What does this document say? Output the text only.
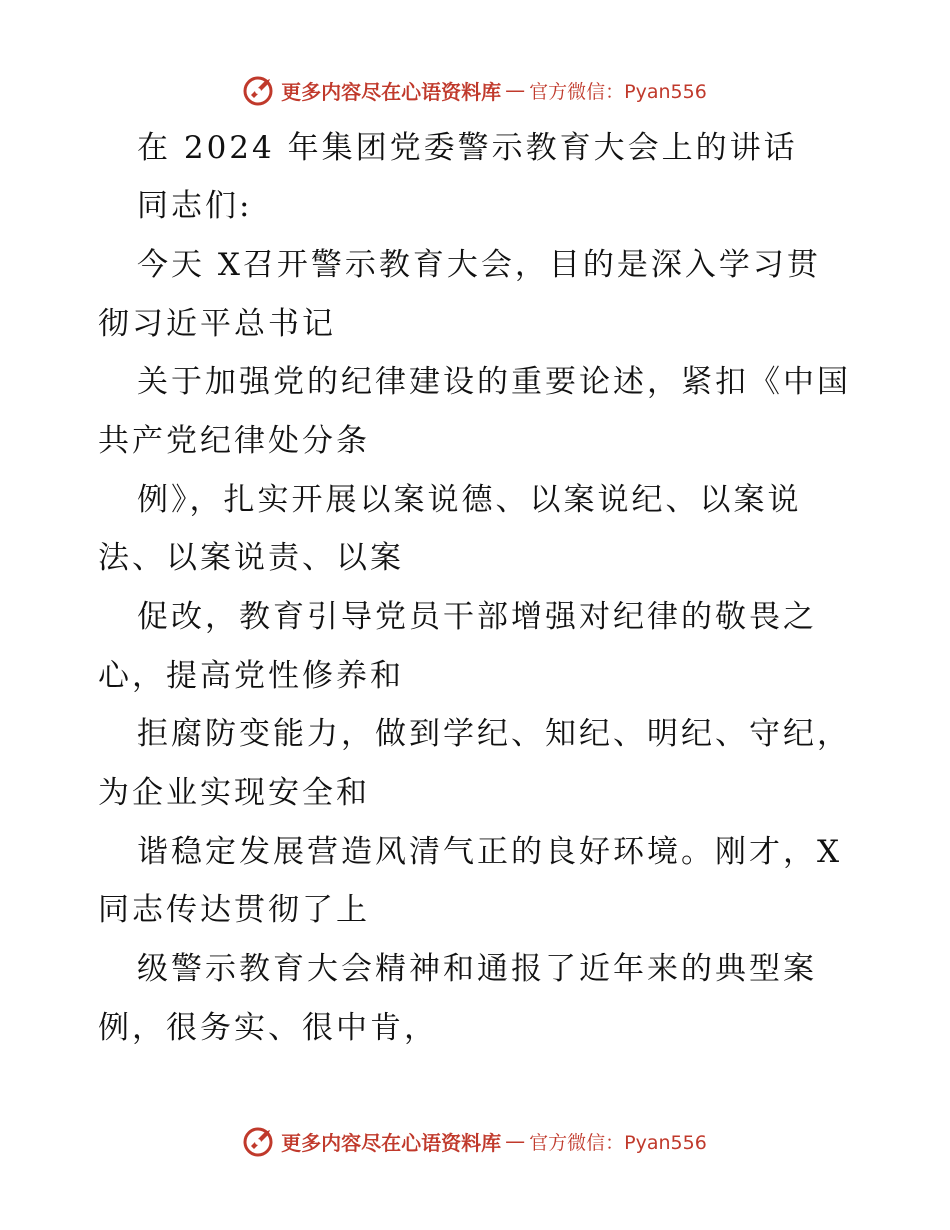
更多内容尽在心语资料库 — 官方微信：Pyan556
在 2024 年集团党委警示教育大会上的讲话
同志们:
今天 X召开警示教育大会，目的是深入学习贯
彻习近平总书记
关于加强党的纪律建设的重要论述，紧扣《中国
共产党纪律处分条
例》，扎实开展以案说德、以案说纪、以案说
法、以案说责、以案
促改，教育引导党员干部增强对纪律的敬畏之
心，提高党性修养和
拒腐防变能力，做到学纪、知纪、明纪、守纪，
为企业实现安全和
谐稳定发展营造风清气正的良好环境。刚才，X
同志传达贯彻了上
级警示教育大会精神和通报了近年来的典型案
例，很务实、很中肯，
更多内容尽在心语资料库 — 官方微信：Pyan556
